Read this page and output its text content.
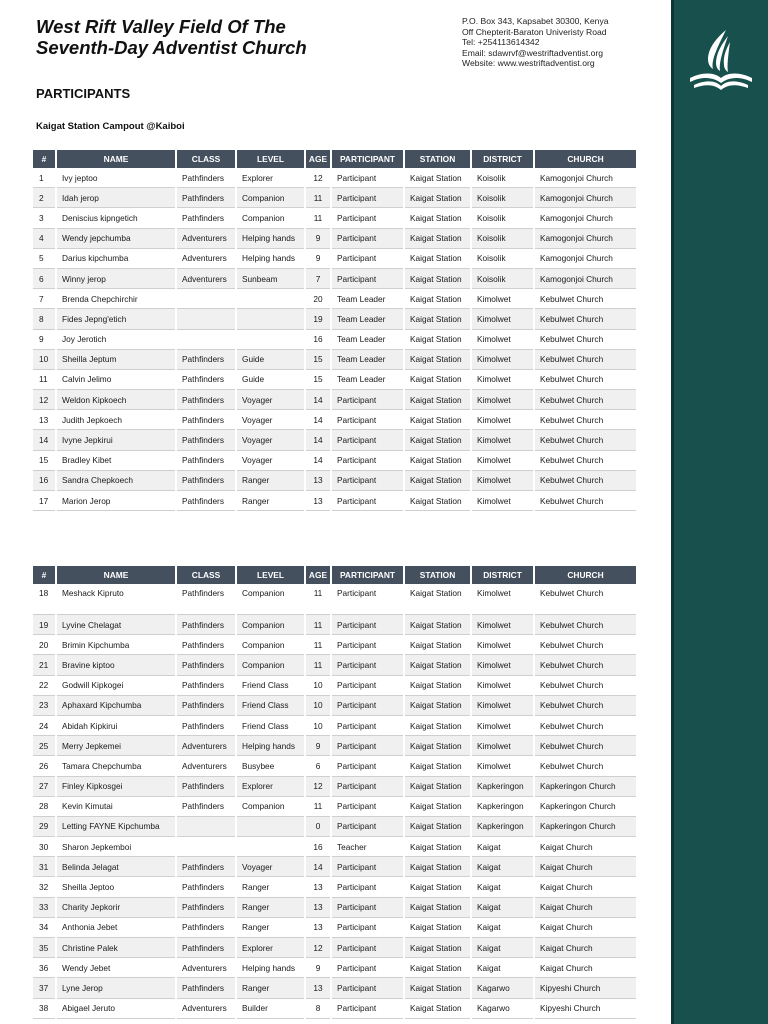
West Rift Valley Field Of The
Seventh-Day Adventist Church
P.O. Box 343, Kapsabet 30300, Kenya
Off Chepterit-Baraton Univeristy Road
Tel: +254113614342
Email: sdawrvf@westriftadventist.org
Website: www.westriftadventist.org
PARTICIPANTS
Kaigat Station Campout @Kaiboi
#	NAME	CLASS	LEVEL	AGE	PARTICIPANT	STATION	DISTRICT	CHURCH
1	Ivy jeptoo	Pathfinders	Explorer	12	Participant	Kaigat Station	Koisolik	Kamogonjoi Church
2	Idah jerop	Pathfinders	Companion	11	Participant	Kaigat Station	Koisolik	Kamogonjoi Church
3	Deniscius kipngetich	Pathfinders	Companion	11	Participant	Kaigat Station	Koisolik	Kamogonjoi Church
4	Wendy jepchumba	Adventurers	Helping hands	9	Participant	Kaigat Station	Koisolik	Kamogonjoi Church
5	Darius kipchumba	Adventurers	Helping hands	9	Participant	Kaigat Station	Koisolik	Kamogonjoi Church
6	Winny jerop	Adventurers	Sunbeam	7	Participant	Kaigat Station	Koisolik	Kamogonjoi Church
7	Brenda Chepchirchir			20	Team Leader	Kaigat Station	Kimolwet	Kebulwet Church
8	Fides Jepng'etich			19	Team Leader	Kaigat Station	Kimolwet	Kebulwet Church
9	Joy Jerotich			16	Team Leader	Kaigat Station	Kimolwet	Kebulwet Church
10	Sheilla Jeptum	Pathfinders	Guide	15	Team Leader	Kaigat Station	Kimolwet	Kebulwet Church
11	Calvin Jelimo	Pathfinders	Guide	15	Team Leader	Kaigat Station	Kimolwet	Kebulwet Church
12	Weldon Kipkoech	Pathfinders	Voyager	14	Participant	Kaigat Station	Kimolwet	Kebulwet Church
13	Judith Jepkoech	Pathfinders	Voyager	14	Participant	Kaigat Station	Kimolwet	Kebulwet Church
14	Ivyne Jepkirui	Pathfinders	Voyager	14	Participant	Kaigat Station	Kimolwet	Kebulwet Church
15	Bradley Kibet	Pathfinders	Voyager	14	Participant	Kaigat Station	Kimolwet	Kebulwet Church
16	Sandra Chepkoech	Pathfinders	Ranger	13	Participant	Kaigat Station	Kimolwet	Kebulwet Church
17	Marion Jerop	Pathfinders	Ranger	13	Participant	Kaigat Station	Kimolwet	Kebulwet Church
#	NAME	CLASS	LEVEL	AGE	PARTICIPANT	STATION	DISTRICT	CHURCH
18	Meshack Kipruto	Pathfinders	Companion	11	Participant	Kaigat Station	Kimolwet	Kebulwet Church
19	Lyvine Chelagat	Pathfinders	Companion	11	Participant	Kaigat Station	Kimolwet	Kebulwet Church
20	Brimin Kipchumba	Pathfinders	Companion	11	Participant	Kaigat Station	Kimolwet	Kebulwet Church
21	Bravine kiptoo	Pathfinders	Companion	11	Participant	Kaigat Station	Kimolwet	Kebulwet Church
22	Godwill Kipkogei	Pathfinders	Friend Class	10	Participant	Kaigat Station	Kimolwet	Kebulwet Church
23	Aphaxard Kipchumba	Pathfinders	Friend Class	10	Participant	Kaigat Station	Kimolwet	Kebulwet Church
24	Abidah Kipkirui	Pathfinders	Friend Class	10	Participant	Kaigat Station	Kimolwet	Kebulwet Church
25	Merry Jepkemei	Adventurers	Helping hands	9	Participant	Kaigat Station	Kimolwet	Kebulwet Church
26	Tamara Chepchumba	Adventurers	Busybee	6	Participant	Kaigat Station	Kimolwet	Kebulwet Church
27	Finley Kipkosgei	Pathfinders	Explorer	12	Participant	Kaigat Station	Kapkeringon	Kapkeringon Church
28	Kevin Kimutai	Pathfinders	Companion	11	Participant	Kaigat Station	Kapkeringon	Kapkeringon Church
29	Letting FAYNE Kipchumba			0	Participant	Kaigat Station	Kapkeringon	Kapkeringon Church
30	Sharon Jepkemboi			16	Teacher	Kaigat Station	Kaigat	Kaigat Church
31	Belinda Jelagat	Pathfinders	Voyager	14	Participant	Kaigat Station	Kaigat	Kaigat Church
32	Sheilla Jeptoo	Pathfinders	Ranger	13	Participant	Kaigat Station	Kaigat	Kaigat Church
33	Charity Jepkorir	Pathfinders	Ranger	13	Participant	Kaigat Station	Kaigat	Kaigat Church
34	Anthonia Jebet	Pathfinders	Ranger	13	Participant	Kaigat Station	Kaigat	Kaigat Church
35	Christine Palek	Pathfinders	Explorer	12	Participant	Kaigat Station	Kaigat	Kaigat Church
36	Wendy Jebet	Adventurers	Helping hands	9	Participant	Kaigat Station	Kaigat	Kaigat Church
37	Lyne Jerop	Pathfinders	Ranger	13	Participant	Kaigat Station	Kagarwo	Kipyeshi Church
38	Abigael Jeruto	Adventurers	Builder	8	Participant	Kaigat Station	Kagarwo	Kipyeshi Church
